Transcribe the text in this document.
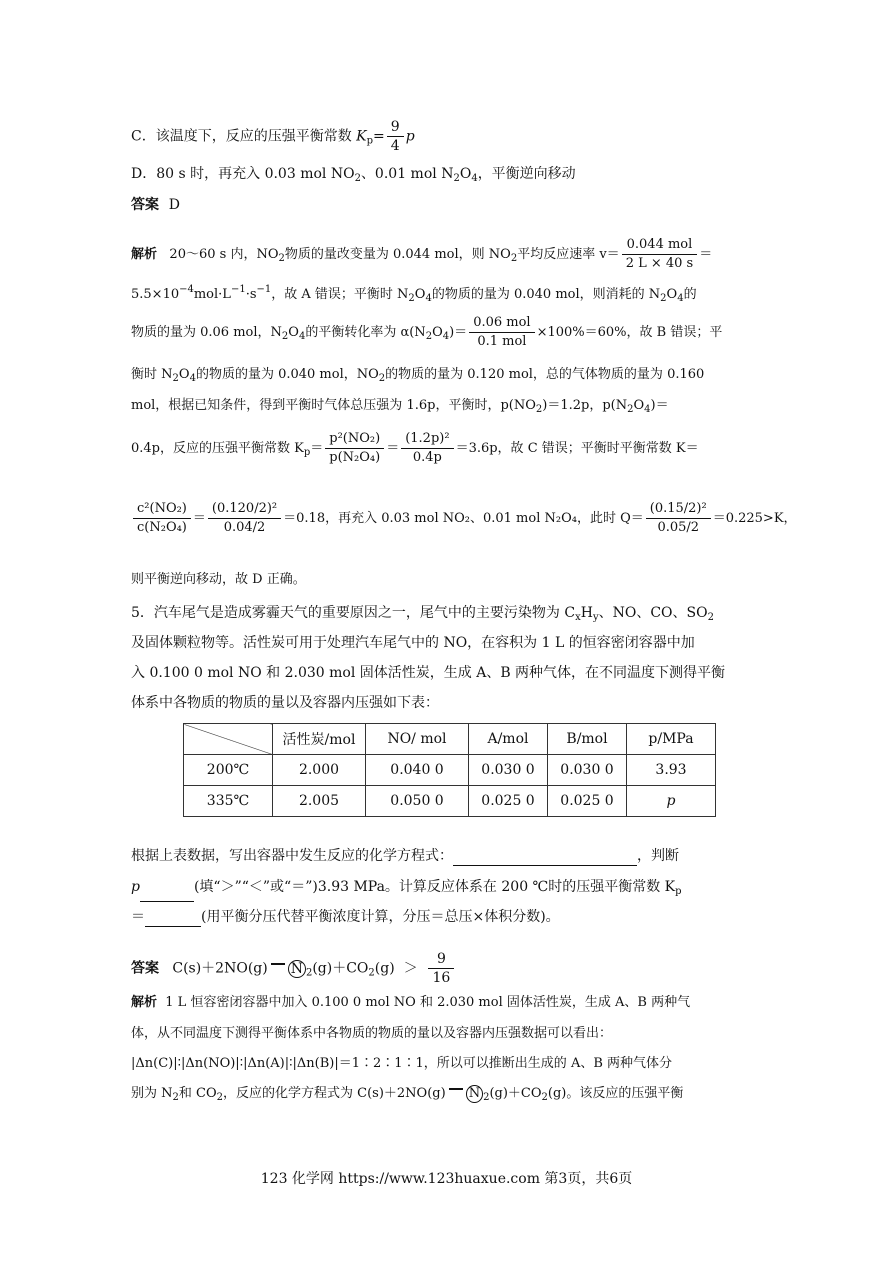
C．该温度下，反应的压强平衡常数 $K_p= \frac{9}{4}$ p
D．80 s 时，再充入 0.03 mol $NO_2$、0.01 mol $N_2O_4$，平衡逆向移动
答案 D
解析 20～60 s 内，$NO_2$物质的量改变量为 0.044 mol，则 $NO_2$平均反应速率 $v= \frac{\text{0.044 mol}}{2 L \times 40 s}$ ＝
$5.5\times 10^{-4}mol\cdot L^{-1}\cdot s^{-1}$，故 A 错误；平衡时 $N_2O_4$的物质的量为 0.040 mol，则消耗的 $N_2O_4$的
物质的量为 0.06 mol，$N_2O_4$的平衡转化率为 $\alpha(N_2O_4)= \frac{\text{0.06 mol}}{\text{0.1 mol}} \times 100\%=60\%$，故 B 错误；平
衡时 $N_2O_4$的物质的量为 0.040 mol，$NO_2$的物质的量为 0.120 mol，总的气体物质的量为 0.160
mol，根据已知条件，得到平衡时气体总压强为 1.6p，平衡时，$p(NO_2)=1.2p$，$p(N_2O_4)=$
0.4p，反应的压强平衡常数 $K_p= \frac{\text{p²(NO₂)}}{\text{p(N₂O₄)}} = \frac{\text{(1.2p)²}}{0.4p} =3.6p$，故 C 错误；平衡时平衡常数 K＝
$\frac{\text{c²(NO₂)}}{\text{c(N₂O₄)}} = \frac{\text{(0.120/2)²}}{0.04/2} =0.18$，再充入 0.03 mol NO₂、0.01 mol N₂O₄，此时 $Q= \frac{\text{(0.15/2)²}}{0.05/2} =0.225>K$，
则平衡逆向移动，故 D 正确。
5．汽车尾气是造成雾霾天气的重要原因之一，尾气中的主要污染物为 $C_xH_y$、NO、CO、$SO_2$
及固体颗粒物等。活性炭可用于处理汽车尾气中的 NO，在容积为 1 L 的恒容密闭容器中加
入 0.100 0 mol NO 和 2.030 mol 固体活性炭，生成 A、B 两种气体，在不同温度下测得平衡
体系中各物质的物质的量以及容器内压强如下表：
	活性炭/mol	NO/ mol	A/mol	B/mol	p/MPa
200℃	2.000	0.040 0	0.030 0	0.030 0	3.93
335℃	2.005	0.050 0	0.025 0	0.025 0	p
根据上表数据，写出容器中发生反应的化学方程式：	，判断
p	(填“＞”“＜”或“＝”)3.93 MPa。计算反应体系在 200 ℃时的压强平衡常数 $K_p$
＝	(用平衡分压代替平衡浓度计算，分压＝总压×体积分数)。
答案 C(s)＋2NO(g) N $_2(g)+CO_2(g) > \frac{9}{16}$
解析 1 L 恒容密闭容器中加入 0.100 0 mol NO 和 2.030 mol 固体活性炭，生成 A、B 两种气
体，从不同温度下测得平衡体系中各物质的物质的量以及容器内压强数据可以看出：
|Δn(C)|∶|Δn(NO)|∶|Δn(A)|∶|Δn(B)|＝1∶2∶1∶1，所以可以推断出生成的 A、B 两种气体分
别为 $N_2$和 $CO_2$，反应的化学方程式为 C(s)＋2NO(g) N $_2(g)+CO_2(g)$。该反应的压强平衡
123 化学网 https://www.123huaxue.com 第3页，共6页
